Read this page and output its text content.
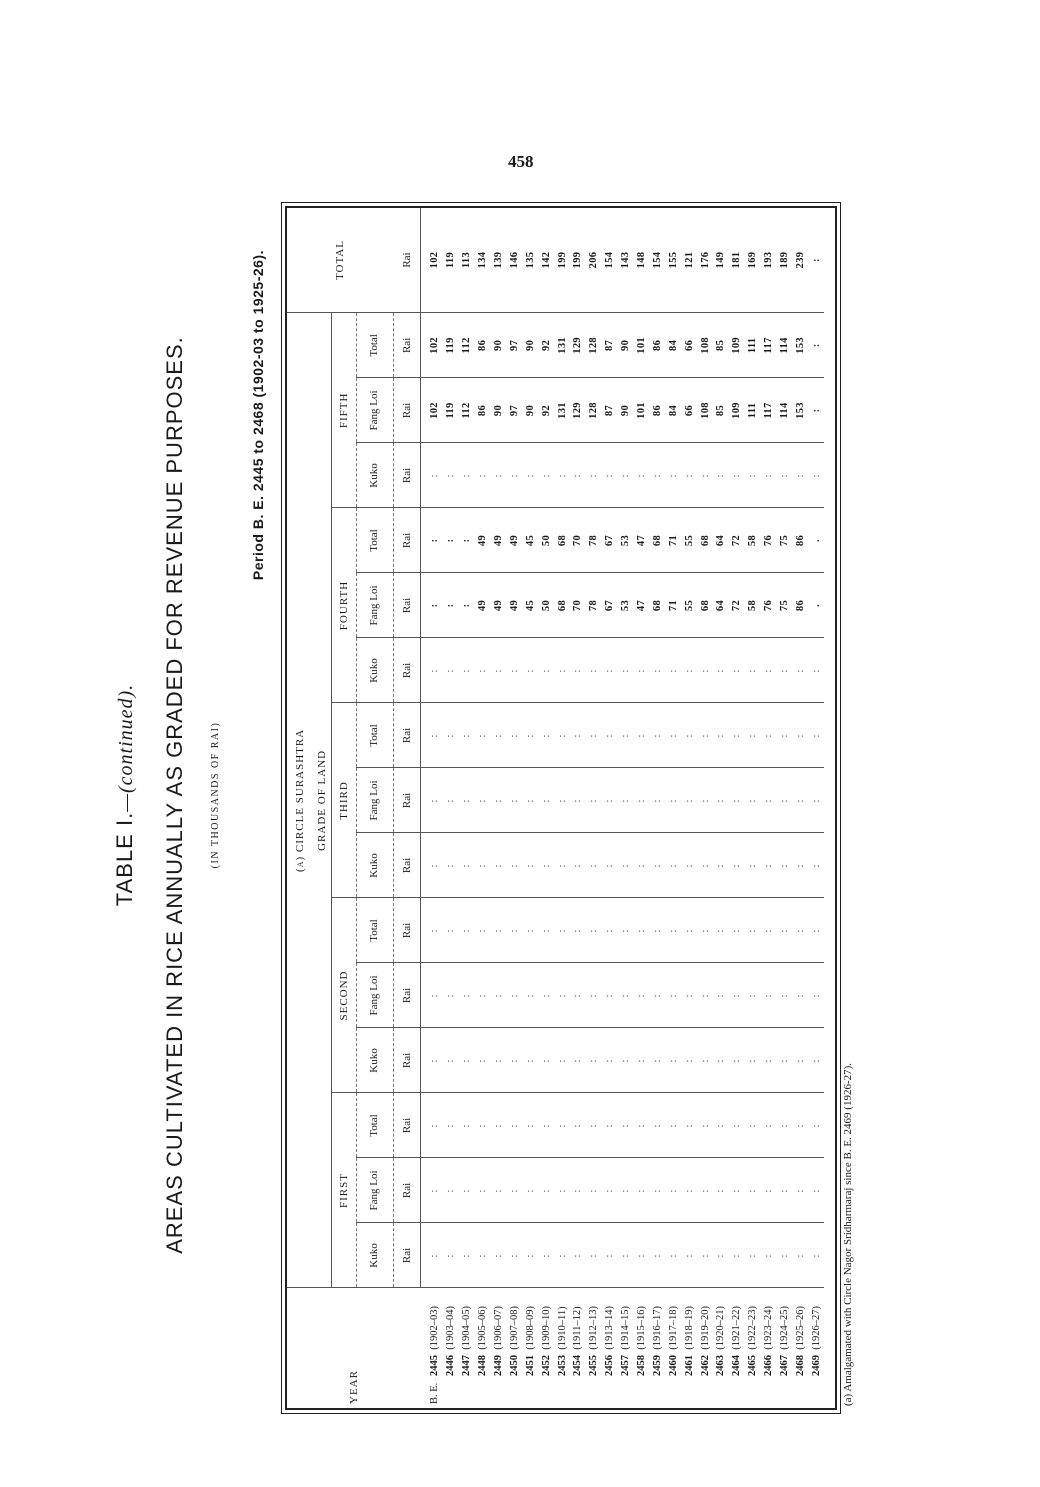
458
TABLE I.—(continued). AREAS CULTIVATED IN RICE ANNUALLY AS GRADED FOR REVENUE PURPOSES. (IN THOUSANDS OF RAI)
Period B. E. 2445 to 2468 (1902-03 to 1925-26).
YEAR	(a) CIRCLE SURASHTRA															TOTAL
	GRADE OF LAND															
	FIRST			SECOND			THIRD			FOURTH			FIFTH			
	Kuko	Fang Loi	Total	Kuko	Fang Loi	Total	Kuko	Fang Loi	Total	Kuko	Fang Loi	Total	Kuko	Fang Loi	Total	
	Rai	Rai	Rai	Rai	Rai	Rai	Rai	Rai	Rai	Rai	Rai	Rai	Rai	Rai	Rai	Rai
B. E.2445  (1902–03)	:	:	:	:	:	:	:	:	:	:	:	:	:	102	102	102
2446  (1903–04)	:	:	:	:	:	:	:	:	:	:	:	:	:	119	119	119
2447  (1904–05)	:	:	:	:	:	:	:	:	:	:	:	:	:	112	112	113
2448  (1905–06)	:	:	:	:	:	:	:	:	:	:	49	49	:	86	86	134
2449  (1906–07)	:	:	:	:	:	:	:	:	:	:	49	49	:	90	90	139
2450  (1907–08)	:	:	:	:	:	:	:	:	:	:	49	49	:	97	97	146
2451  (1908–09)	:	:	:	:	:	:	:	:	:	:	45	45	:	90	90	135
2452  (1909–10)	:	:	:	:	:	:	:	:	:	:	50	50	:	92	92	142
2453  (1910–11)	:	:	:	:	:	:	:	:	:	:	68	68	:	131	131	199
2454  (1911–12)	:	:	:	:	:	:	:	:	:	:	70	70	:	129	129	199
2455  (1912–13)	:	:	:	:	:	:	:	:	:	:	78	78	:	128	128	206
2456  (1913–14)	:	:	:	:	:	:	:	:	:	:	67	67	:	87	87	154
2457  (1914–15)	:	:	:	:	:	:	:	:	:	:	53	53	:	90	90	143
2458  (1915–16)	:	:	:	:	:	:	:	:	:	:	47	47	:	101	101	148
2459  (1916–17)	:	:	:	:	:	:	:	:	:	:	68	68	:	86	86	154
2460  (1917–18)	:	:	:	:	:	:	:	:	:	:	71	71	:	84	84	155
2461  (1918–19)	:	:	:	:	:	:	:	:	:	:	55	55	:	66	66	121
2462  (1919–20)	:	:	:	:	:	:	:	:	:	:	68	68	:	108	108	176
2463  (1920–21)	:	:	:	:	:	:	:	:	:	:	64	64	:	85	85	149
2464  (1921–22)	:	:	:	:	:	:	:	:	:	:	72	72	:	109	109	181
2465  (1922–23)	:	:	:	:	:	:	:	:	:	:	58	58	:	111	111	169
2466  (1923–24)	:	:	:	:	:	:	:	:	:	:	76	76	:	117	117	193
2467  (1924–25)	:	:	:	:	:	:	:	:	:	:	75	75	:	114	114	189
2468  (1925–26)	:	:	:	:	:	:	:	:	:	:	86	86	:	153	153	239
2469  (1926–27)	:	:	:	:	:	:	:	:	:	:	.	.	:	:	:	:
(a) Amalgamated with Circle Nagor Sridharmaraj since B. E. 2469 (1926-27).
